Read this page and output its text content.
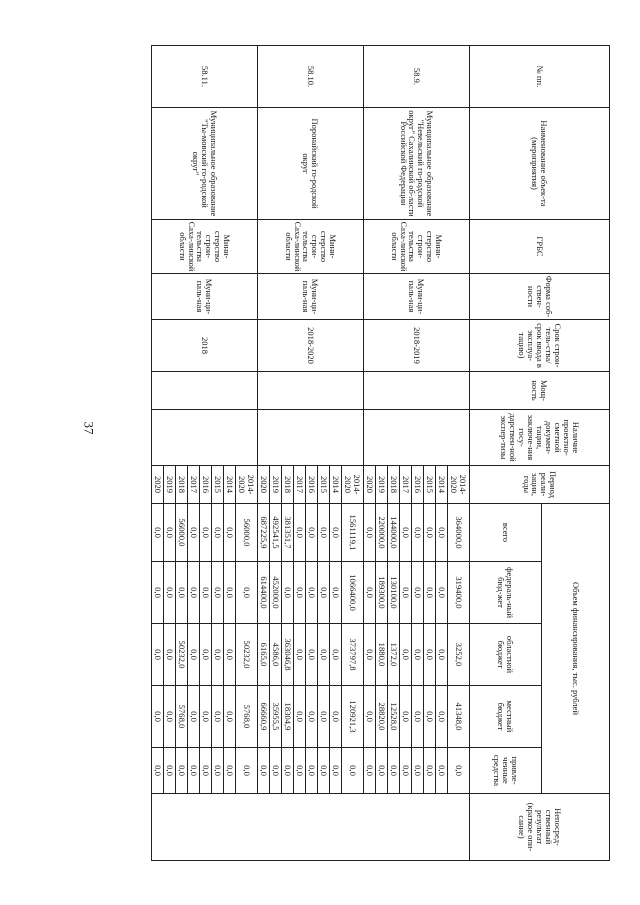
37
№ пп.	Наименование объек-та (мероприятия)	ГРБС	Форма соб-ствен-ности	Срок строи-тель-ства/срок ввода в эксплуа-тацию)	Мощ-ность	Наличие проектно-сметной докумен-тации, заключе-ния госу-дарствен-ной экспер-тизы	Период реали-зации, годы	Объем финансирования, тыс. рублей					Непосред-ственный результат (краткое опи-сание)
								всего	федераль-ный бюд-жет	областной бюджет	местный бюджет	привле-ченные средства	
58.9.	Муниципальное образование "Невельский го-родской округ" Сахалинской об-ласти Российской Федерации	Мини-стерство строи-тельства Саха-линской области	Муни-ци-паль-ная	2018-2019			2014-2020	364000,0	319400,0	3252,0	41348,0	0,0	
							2014	0,0	0,0	0,0	0,0	0,0	
							2015	0,0	0,0	0,0	0,0	0,0	
							2016	0,0	0,0	0,0	0,0	0,0	
							2017	0,0	0,0	0,0	0,0	0,0	
							2018	144000,0	130100,0	1372,0	12528,0	0,0	
							2019	220000,0	189300,0	1880,0	28820,0	0,0	
							2020	0,0	0,0	0,0	0,0	0,0	
58.10.	Поронайский го-родской округ	Мини-стерство строи-тельства Саха-линской области	Муни-ци-паль-ная	2018-2020			2014-2020	1561119,1	1066400,0	373797,8	120921,3	0,0	
							2014	0,0	0,0	0,0	0,0	0,0	
							2015	0,0	0,0	0,0	0,0	0,0	
							2016	0,0	0,0	0,0	0,0	0,0	
							2017	0,0	0,0	0,0	0,0	0,0	
							2018	381351,7	0,0	363046,8	18304,9	0,0	
							2019	492541,5	452000,0	4586,0	35955,5	0,0	
							2020	687225,9	614400,0	6165,0	66660,9	0,0	
58.11.	Муниципальное образование "Ты-мовский го-родской округ"	Мини-стерство строи-тельства Саха-линской области	Муни-ци-паль-ная	2018			2014-2020	56000,0	0,0	50232,0	5768,0	0,0	
							2014	0,0	0,0	0,0	0,0	0,0	
							2015	0,0	0,0	0,0	0,0	0,0	
							2016	0,0	0,0	0,0	0,0	0,0	
							2017	0,0	0,0	0,0	0,0	0,0	
							2018	56000,0	0,0	50232,0	5768,0	0,0	
							2019	0,0	0,0	0,0	0,0	0,0	
							2020	0,0	0,0	0,0	0,0	0,0	
